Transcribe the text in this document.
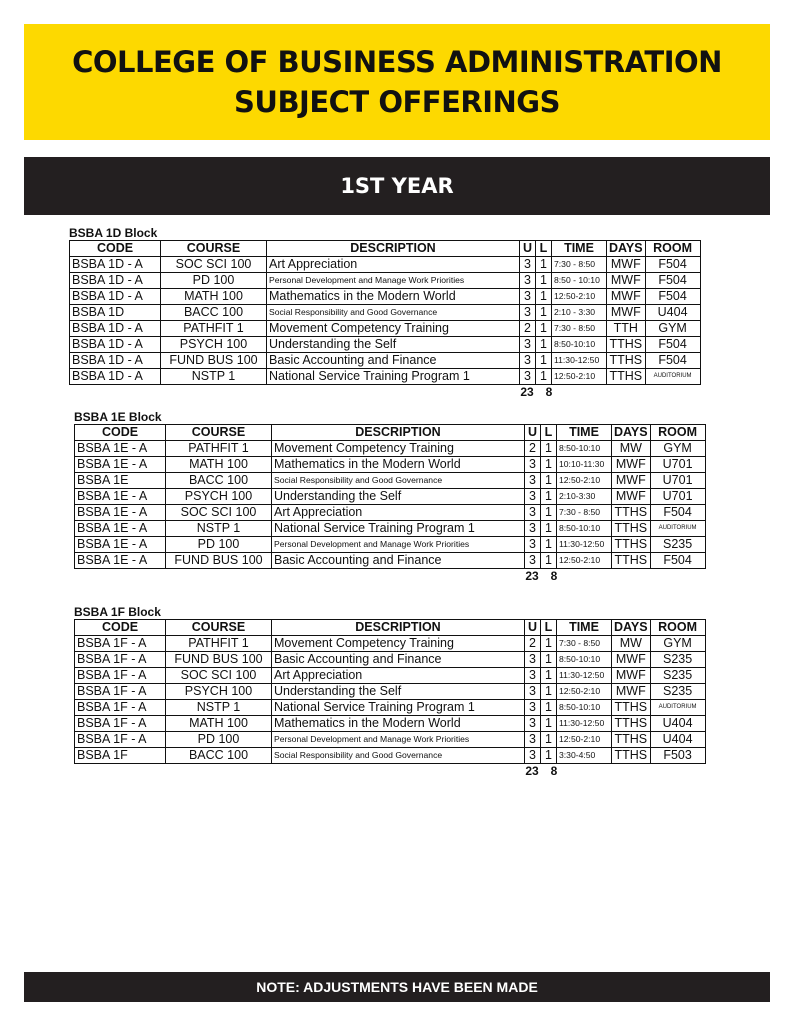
COLLEGE OF BUSINESS ADMINISTRATION
SUBJECT OFFERINGS
1ST YEAR
BSBA 1D Block
CODE	COURSE	DESCRIPTION	U	L	TIME	DAYS	ROOM
BSBA 1D - A	SOC SCI 100	Art Appreciation	3	1	7:30 - 8:50	MWF	F504
BSBA 1D - A	PD 100	Personal Development and Manage Work Priorities	3	1	8:50 - 10:10	MWF	F504
BSBA 1D - A	MATH 100	Mathematics in the Modern World	3	1	12:50-2:10	MWF	F504
BSBA 1D	BACC 100	Social Responsibility and Good Governance	3	1	2:10 - 3:30	MWF	U404
BSBA 1D - A	PATHFIT 1	Movement Competency Training	2	1	7:30 - 8:50	TTH	GYM
BSBA 1D - A	PSYCH 100	Understanding the Self	3	1	8:50-10:10	TTHS	F504
BSBA 1D - A	FUND BUS 100	Basic Accounting and Finance	3	1	11:30-12:50	TTHS	F504
BSBA 1D - A	NSTP 1	National Service Training Program 1	3	1	12:50-2:10	TTHS	AUDITORIUM
23 8
BSBA 1E Block
CODE	COURSE	DESCRIPTION	U	L	TIME	DAYS	ROOM
BSBA 1E - A	PATHFIT 1	Movement Competency Training	2	1	8:50-10:10	MW	GYM
BSBA 1E - A	MATH 100	Mathematics in the Modern World	3	1	10:10-11:30	MWF	U701
BSBA 1E	BACC 100	Social Responsibility and Good Governance	3	1	12:50-2:10	MWF	U701
BSBA 1E - A	PSYCH 100	Understanding the Self	3	1	2:10-3:30	MWF	U701
BSBA 1E - A	SOC SCI 100	Art Appreciation	3	1	7:30 - 8:50	TTHS	F504
BSBA 1E - A	NSTP 1	National Service Training Program 1	3	1	8:50-10:10	TTHS	AUDITORIUM
BSBA 1E - A	PD 100	Personal Development and Manage Work Priorities	3	1	11:30-12:50	TTHS	S235
BSBA 1E - A	FUND BUS 100	Basic Accounting and Finance	3	1	12:50-2:10	TTHS	F504
23 8
BSBA 1F Block
CODE	COURSE	DESCRIPTION	U	L	TIME	DAYS	ROOM
BSBA 1F - A	PATHFIT 1	Movement Competency Training	2	1	7:30 - 8:50	MW	GYM
BSBA 1F - A	FUND BUS 100	Basic Accounting and Finance	3	1	8:50-10:10	MWF	S235
BSBA 1F - A	SOC SCI 100	Art Appreciation	3	1	11:30-12:50	MWF	S235
BSBA 1F - A	PSYCH 100	Understanding the Self	3	1	12:50-2:10	MWF	S235
BSBA 1F - A	NSTP 1	National Service Training Program 1	3	1	8:50-10:10	TTHS	AUDITORIUM
BSBA 1F - A	MATH 100	Mathematics in the Modern World	3	1	11:30-12:50	TTHS	U404
BSBA 1F - A	PD 100	Personal Development and Manage Work Priorities	3	1	12:50-2:10	TTHS	U404
BSBA 1F	BACC 100	Social Responsibility and Good Governance	3	1	3:30-4:50	TTHS	F503
23 8
NOTE: ADJUSTMENTS HAVE BEEN MADE
